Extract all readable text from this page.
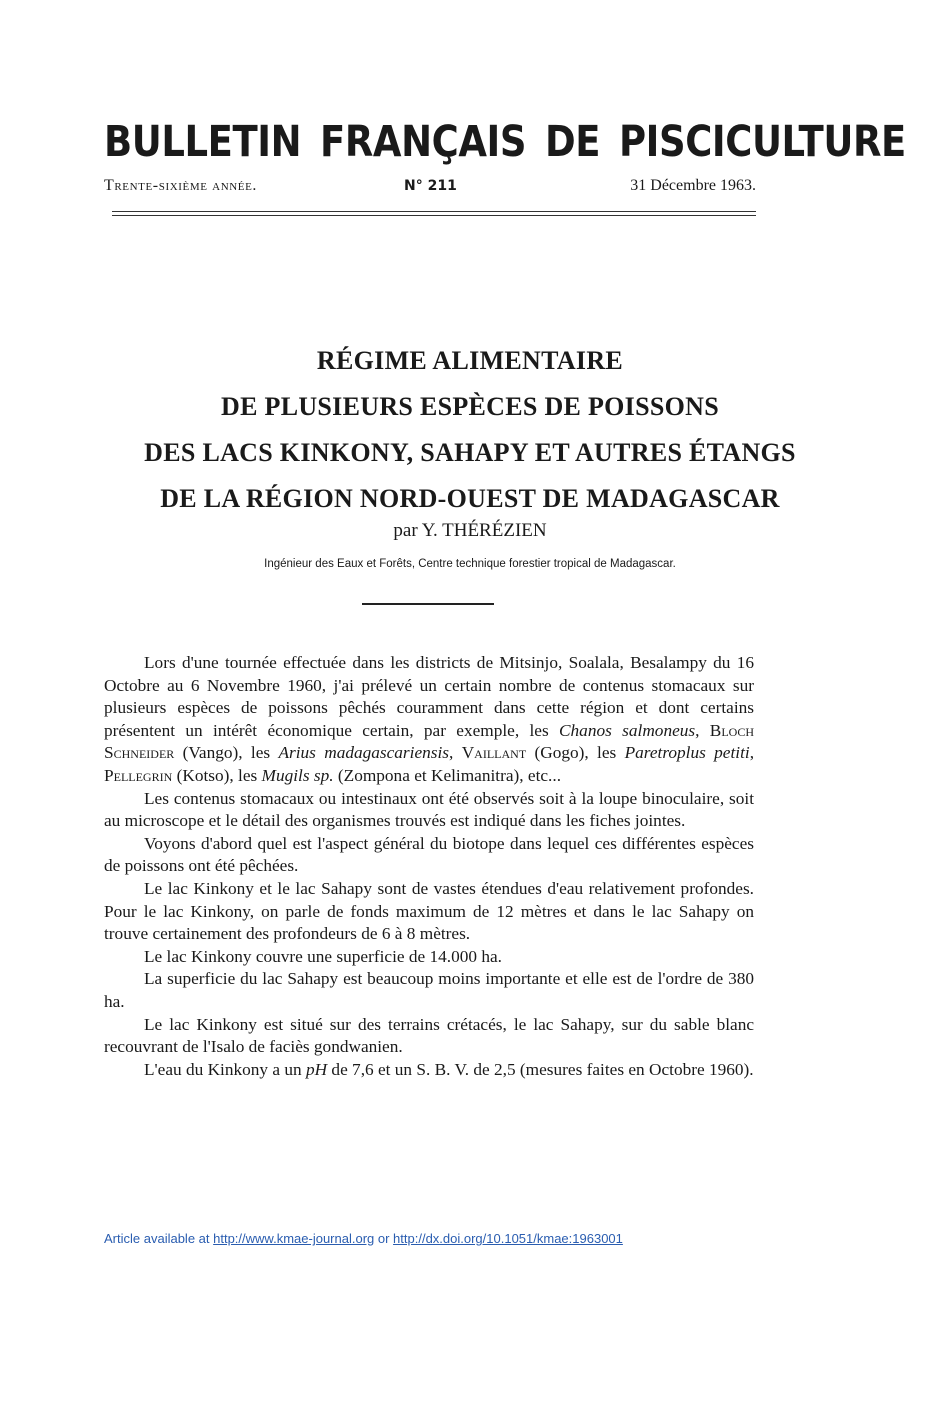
BULLETIN FRANÇAIS DE PISCICULTURE
Trente-sixième année.	N° 211	31 Décembre 1963.
RÉGIME ALIMENTAIRE
DE PLUSIEURS ESPÈCES DE POISSONS
DES LACS KINKONY, SAHAPY ET AUTRES ÉTANGS
DE LA RÉGION NORD-OUEST DE MADAGASCAR
par Y. THÉRÉZIEN
Ingénieur des Eaux et Forêts, Centre technique forestier tropical de Madagascar.

Lors d'une tournée effectuée dans les districts de Mitsinjo, Soalala, Besalampy du 16 Octobre au 6 Novembre 1960, j'ai prélevé un certain nombre de contenus stomacaux sur plusieurs espèces de poissons pêchés couramment dans cette région et dont certains présentent un intérêt économique certain, par exemple, les Chanos salmoneus, Bloch Schneider (Vango), les Arius madagascariensis, Vaillant (Gogo), les Paretroplus petiti, Pellegrin (Kotso), les Mugils sp. (Zompona et Kelimanitra), etc...

Les contenus stomacaux ou intestinaux ont été observés soit à la loupe binoculaire, soit au microscope et le détail des organismes trouvés est indiqué dans les fiches jointes.

Voyons d'abord quel est l'aspect général du biotope dans lequel ces différentes espèces de poissons ont été pêchées.

Le lac Kinkony et le lac Sahapy sont de vastes étendues d'eau relativement profondes. Pour le lac Kinkony, on parle de fonds maximum de 12 mètres et dans le lac Sahapy on trouve certainement des profondeurs de 6 à 8 mètres.

Le lac Kinkony couvre une superficie de 14.000 ha.

La superficie du lac Sahapy est beaucoup moins importante et elle est de l'ordre de 380 ha.

Le lac Kinkony est situé sur des terrains crétacés, le lac Sahapy, sur du sable blanc recouvrant de l'Isalo de faciès gondwanien.

L'eau du Kinkony a un pH de 7,6 et un S. B. V. de 2,5 (mesures faites en Octobre 1960).

Article available at http://www.kmae-journal.org or http://dx.doi.org/10.1051/kmae:1963001
